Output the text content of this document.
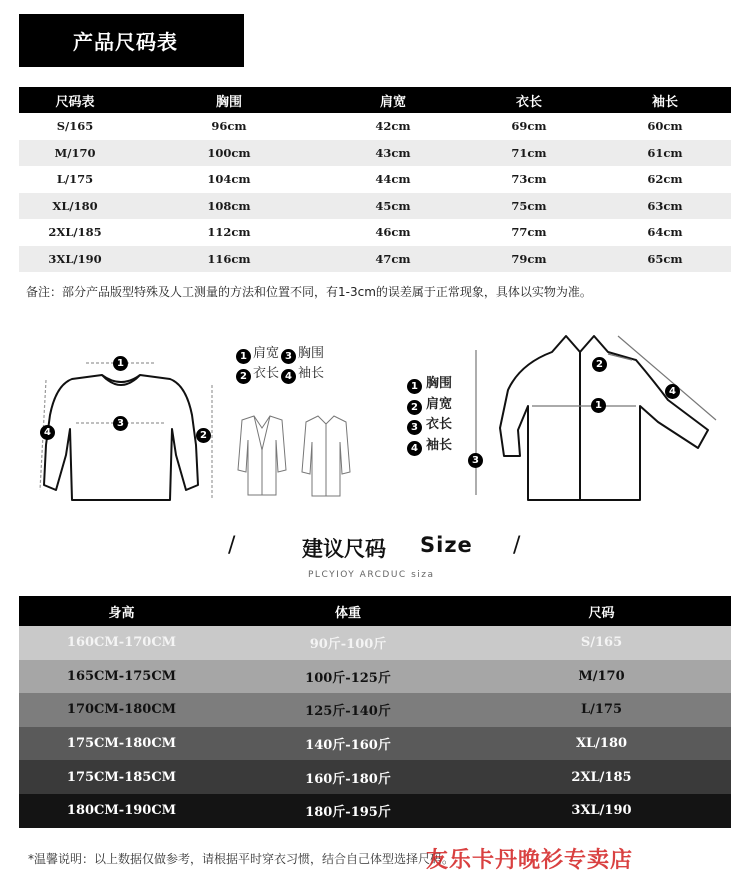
产品尺码表
尺码表	胸围	肩宽	衣长	袖长
S/165	96cm	42cm	69cm	60cm
M/170	100cm	43cm	71cm	61cm
L/175	104cm	44cm	73cm	62cm
XL/180	108cm	45cm	75cm	63cm
2XL/185	112cm	46cm	77cm	64cm
3XL/190	116cm	47cm	79cm	65cm
备注：部分产品版型特殊及人工测量的方法和位置不同，有1-3cm的误差属于正常现象，具体以实物为准。
1
3
2
4
1 肩宽 3 胸围
2 衣长 4 袖长
1
2
3
4
1 胸围
2 肩宽
3 衣长
4 袖长
/	建议尺码 Size /
PLCYIOY ARCDUC siza
身高	体重	尺码
160CM-170CM	90斤-100斤	S/165
165CM-175CM	100斤-125斤	M/170
170CM-180CM	125斤-140斤	L/175
175CM-180CM	140斤-160斤	XL/180
175CM-185CM	160斤-180斤	2XL/185
180CM-190CM	180斤-195斤	3XL/190
*温馨说明：以上数据仅做参考，请根据平时穿衣习惯，结合自己体型选择尺码。
友乐卡丹晚衫专卖店
